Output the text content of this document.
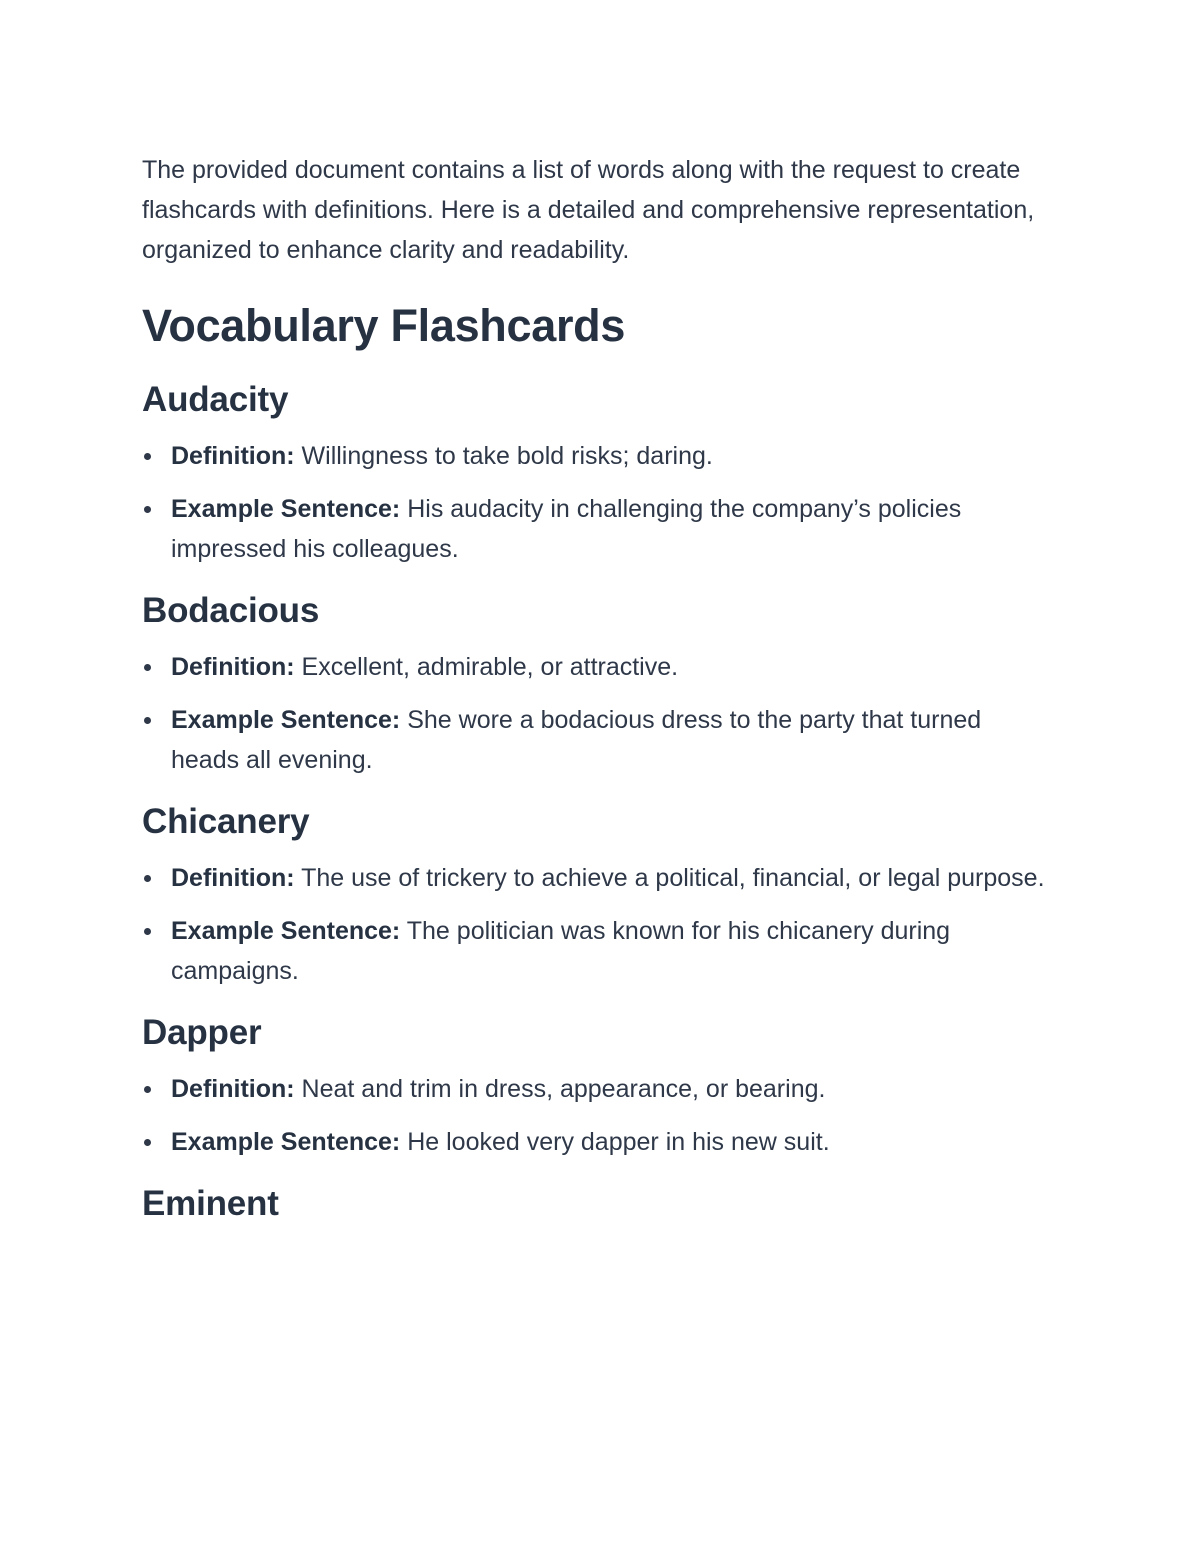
The provided document contains a list of words along with the request to create flashcards with definitions. Here is a detailed and comprehensive representation, organized to enhance clarity and readability.

Vocabulary Flashcards
Audacity
Definition: Willingness to take bold risks; daring.
Example Sentence: His audacity in challenging the company’s policies impressed his colleagues.
Bodacious
Definition: Excellent, admirable, or attractive.
Example Sentence: She wore a bodacious dress to the party that turned heads all evening.
Chicanery
Definition: The use of trickery to achieve a political, financial, or legal purpose.
Example Sentence: The politician was known for his chicanery during campaigns.
Dapper
Definition: Neat and trim in dress, appearance, or bearing.
Example Sentence: He looked very dapper in his new suit.
Eminent
